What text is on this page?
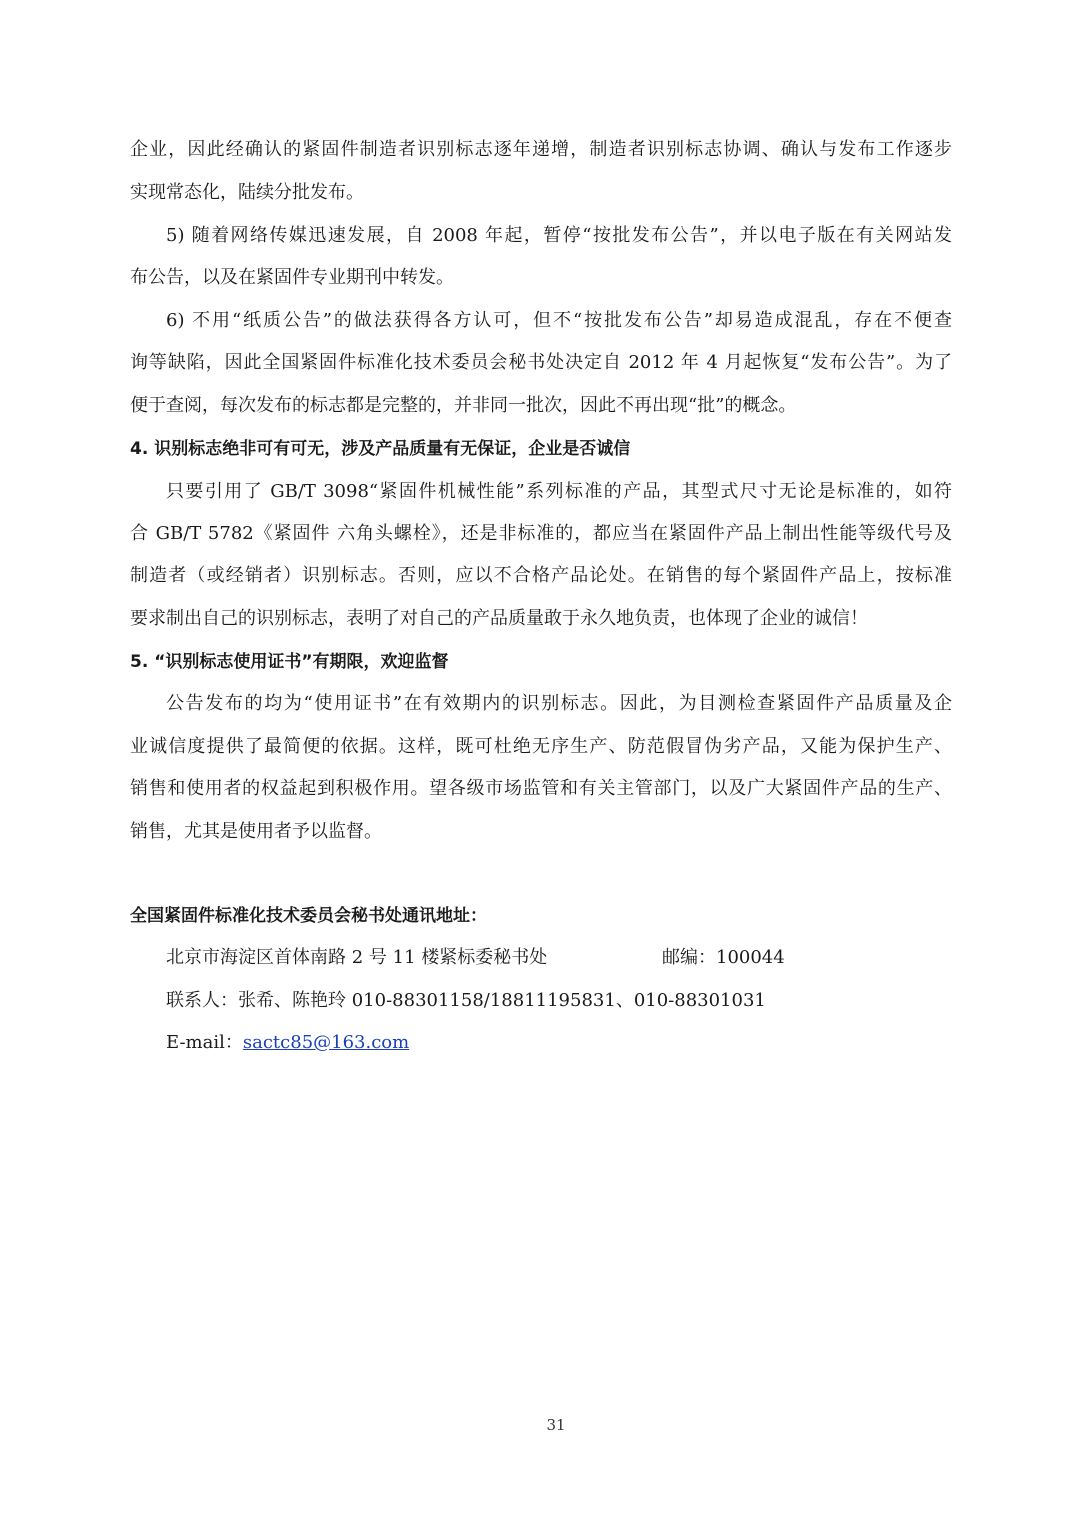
企业，因此经确认的紧固件制造者识别标志逐年递增，制造者识别标志协调、确认与发布工作逐步
实现常态化，陆续分批发布。
5) 随着网络传媒迅速发展，自 2008 年起，暂停“按批发布公告”，并以电子版在有关网站发
布公告，以及在紧固件专业期刊中转发。
6) 不用“纸质公告”的做法获得各方认可，但不“按批发布公告”却易造成混乱，存在不便查
询等缺陷，因此全国紧固件标准化技术委员会秘书处决定自 2012 年 4 月起恢复“发布公告”。为了
便于查阅，每次发布的标志都是完整的，并非同一批次，因此不再出现“批”的概念。
4. 识别标志绝非可有可无，涉及产品质量有无保证，企业是否诚信
只要引用了 GB/T 3098“紧固件机械性能”系列标准的产品，其型式尺寸无论是标准的，如符
合 GB/T 5782《紧固件 六角头螺栓》，还是非标准的，都应当在紧固件产品上制出性能等级代号及
制造者（或经销者）识别标志。否则，应以不合格产品论处。在销售的每个紧固件产品上，按标准
要求制出自己的识别标志，表明了对自己的产品质量敢于永久地负责，也体现了企业的诚信！
5. “识别标志使用证书”有期限，欢迎监督
公告发布的均为“使用证书”在有效期内的识别标志。因此，为目测检查紧固件产品质量及企
业诚信度提供了最简便的依据。这样，既可杜绝无序生产、防范假冒伪劣产品，又能为保护生产、
销售和使用者的权益起到积极作用。望各级市场监管和有关主管部门，以及广大紧固件产品的生产、
销售，尤其是使用者予以监督。
全国紧固件标准化技术委员会秘书处通讯地址：
北京市海淀区首体南路 2 号 11 楼紧标委秘书处	邮编：100044
联系人：张希、陈艳玲 010-88301158/18811195831、010-88301031
E-mail：sactc85@163.com
31
